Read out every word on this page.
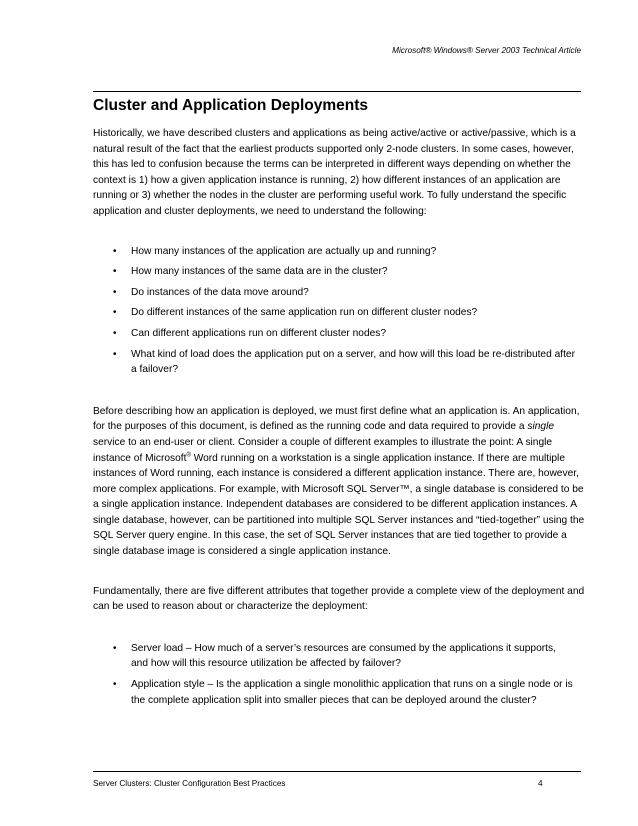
Microsoft® Windows® Server 2003 Technical Article
Cluster and Application Deployments

Historically, we have described clusters and applications as being active/active or active/passive, which is a natural result of the fact that the earliest products supported only 2-node clusters. In some cases, however, this has led to confusion because the terms can be interpreted in different ways depending on whether the context is 1) how a given application instance is running, 2) how different instances of an application are running or 3) whether the nodes in the cluster are performing useful work. To fully understand the specific application and cluster deployments, we need to understand the following:

• How many instances of the application are actually up and running?
• How many instances of the same data are in the cluster?
• Do instances of the data move around?
• Do different instances of the same application run on different cluster nodes?
• Can different applications run on different cluster nodes?
• What kind of load does the application put on a server, and how will this load be re-distributed after a failover?

Before describing how an application is deployed, we must first define what an application is. An application, for the purposes of this document, is defined as the running code and data required to provide a single service to an end-user or client. Consider a couple of different examples to illustrate the point: A single instance of Microsoft® Word running on a workstation is a single application instance. If there are multiple instances of Word running, each instance is considered a different application instance. There are, however, more complex applications. For example, with Microsoft SQL Server™, a single database is considered to be a single application instance. Independent databases are considered to be different application instances. A single database, however, can be partitioned into multiple SQL Server instances and “tied-together” using the SQL Server query engine. In this case, the set of SQL Server instances that are tied together to provide a single database image is considered a single application instance.

Fundamentally, there are five different attributes that together provide a complete view of the deployment and can be used to reason about or characterize the deployment:

• Server load – How much of a server’s resources are consumed by the applications it supports, and how will this resource utilization be affected by failover?
• Application style – Is the application a single monolithic application that runs on a single node or is the complete application split into smaller pieces that can be deployed around the cluster?
Server Clusters: Cluster Configuration Best Practices	4
